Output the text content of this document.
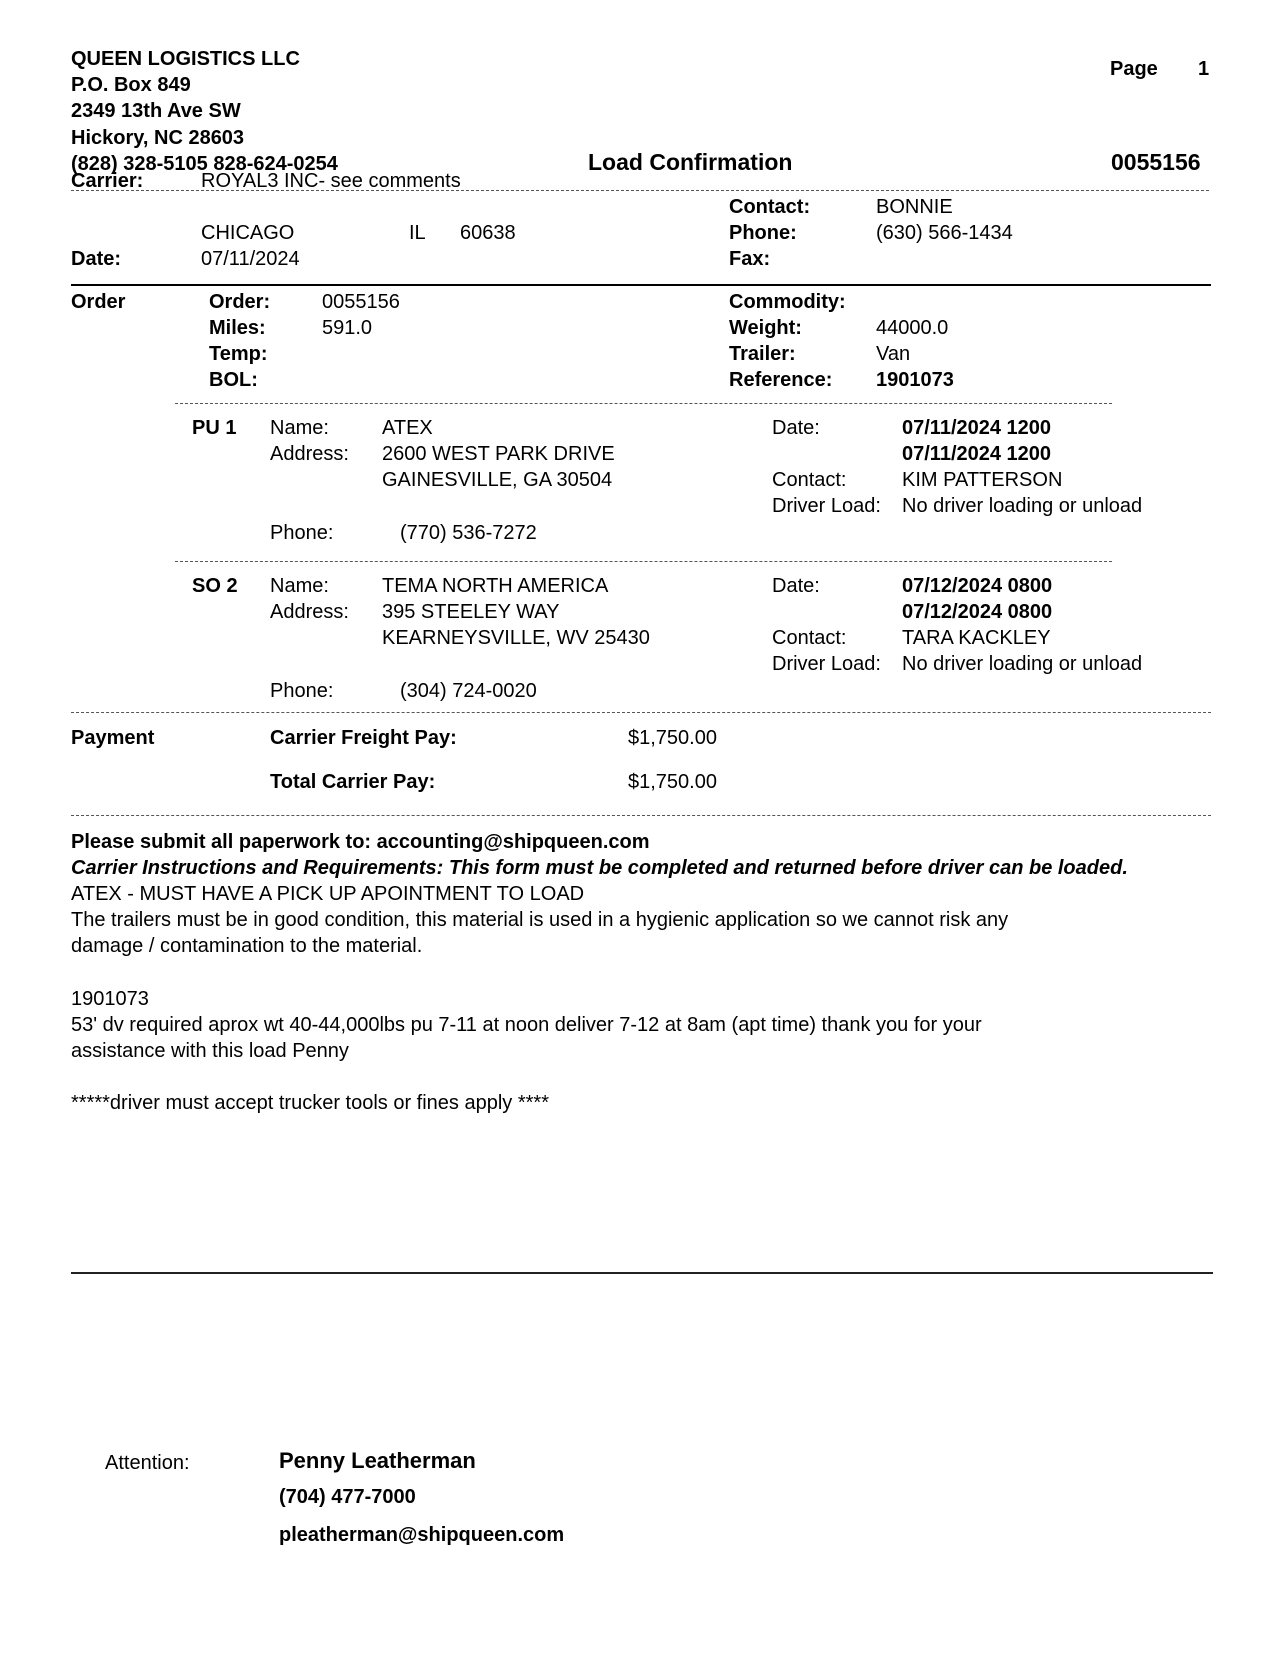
QUEEN LOGISTICS LLC
P.O. Box 849
2349 13th Ave SW
Hickory, NC 28603
(828) 328-5105 828-624-0254
Page 1
Load Confirmation	0055156
Carrier:	ROYAL3 INC- see comments
Contact:	BONNIE
CHICAGO	IL 60638	Phone:	(630) 566-1434
Date:	07/11/2024	Fax:
Order	Order:	0055156	Commodity:
Miles:	591.0	Weight:	44000.0
Temp:	Trailer:	Van
BOL:	Reference: 1901073
PU 1 Name:	ATEX	Date:	07/11/2024 1200
Address: 2600 WEST PARK DRIVE	07/11/2024 1200
GAINESVILLE, GA 30504	Contact:	KIM PATTERSON
Driver Load: No driver loading or unload
Phone:	(770) 536-7272
SO 2 Name:	TEMA NORTH AMERICA	Date:	07/12/2024 0800
Address: 395 STEELEY WAY	07/12/2024 0800
KEARNEYSVILLE, WV 25430	Contact:	TARA KACKLEY
Driver Load: No driver loading or unload
Phone:	(304) 724-0020
Payment	Carrier Freight Pay:	$1,750.00
Total Carrier Pay:	$1,750.00
Please submit all paperwork to: accounting@shipqueen.com
Carrier Instructions and Requirements: This form must be completed and returned before driver can be loaded.
ATEX - MUST HAVE A PICK UP APOINTMENT TO LOAD
The trailers must be in good condition, this material is used in a hygienic application so we cannot risk any
damage / contamination to the material.
1901073
53' dv required aprox wt 40-44,000lbs pu 7-11 at noon deliver 7-12 at 8am (apt time) thank you for your
assistance with this load Penny
*****driver must accept trucker tools or fines apply ****
Attention:	Penny Leatherman
(704) 477-7000
pleatherman@shipqueen.com
